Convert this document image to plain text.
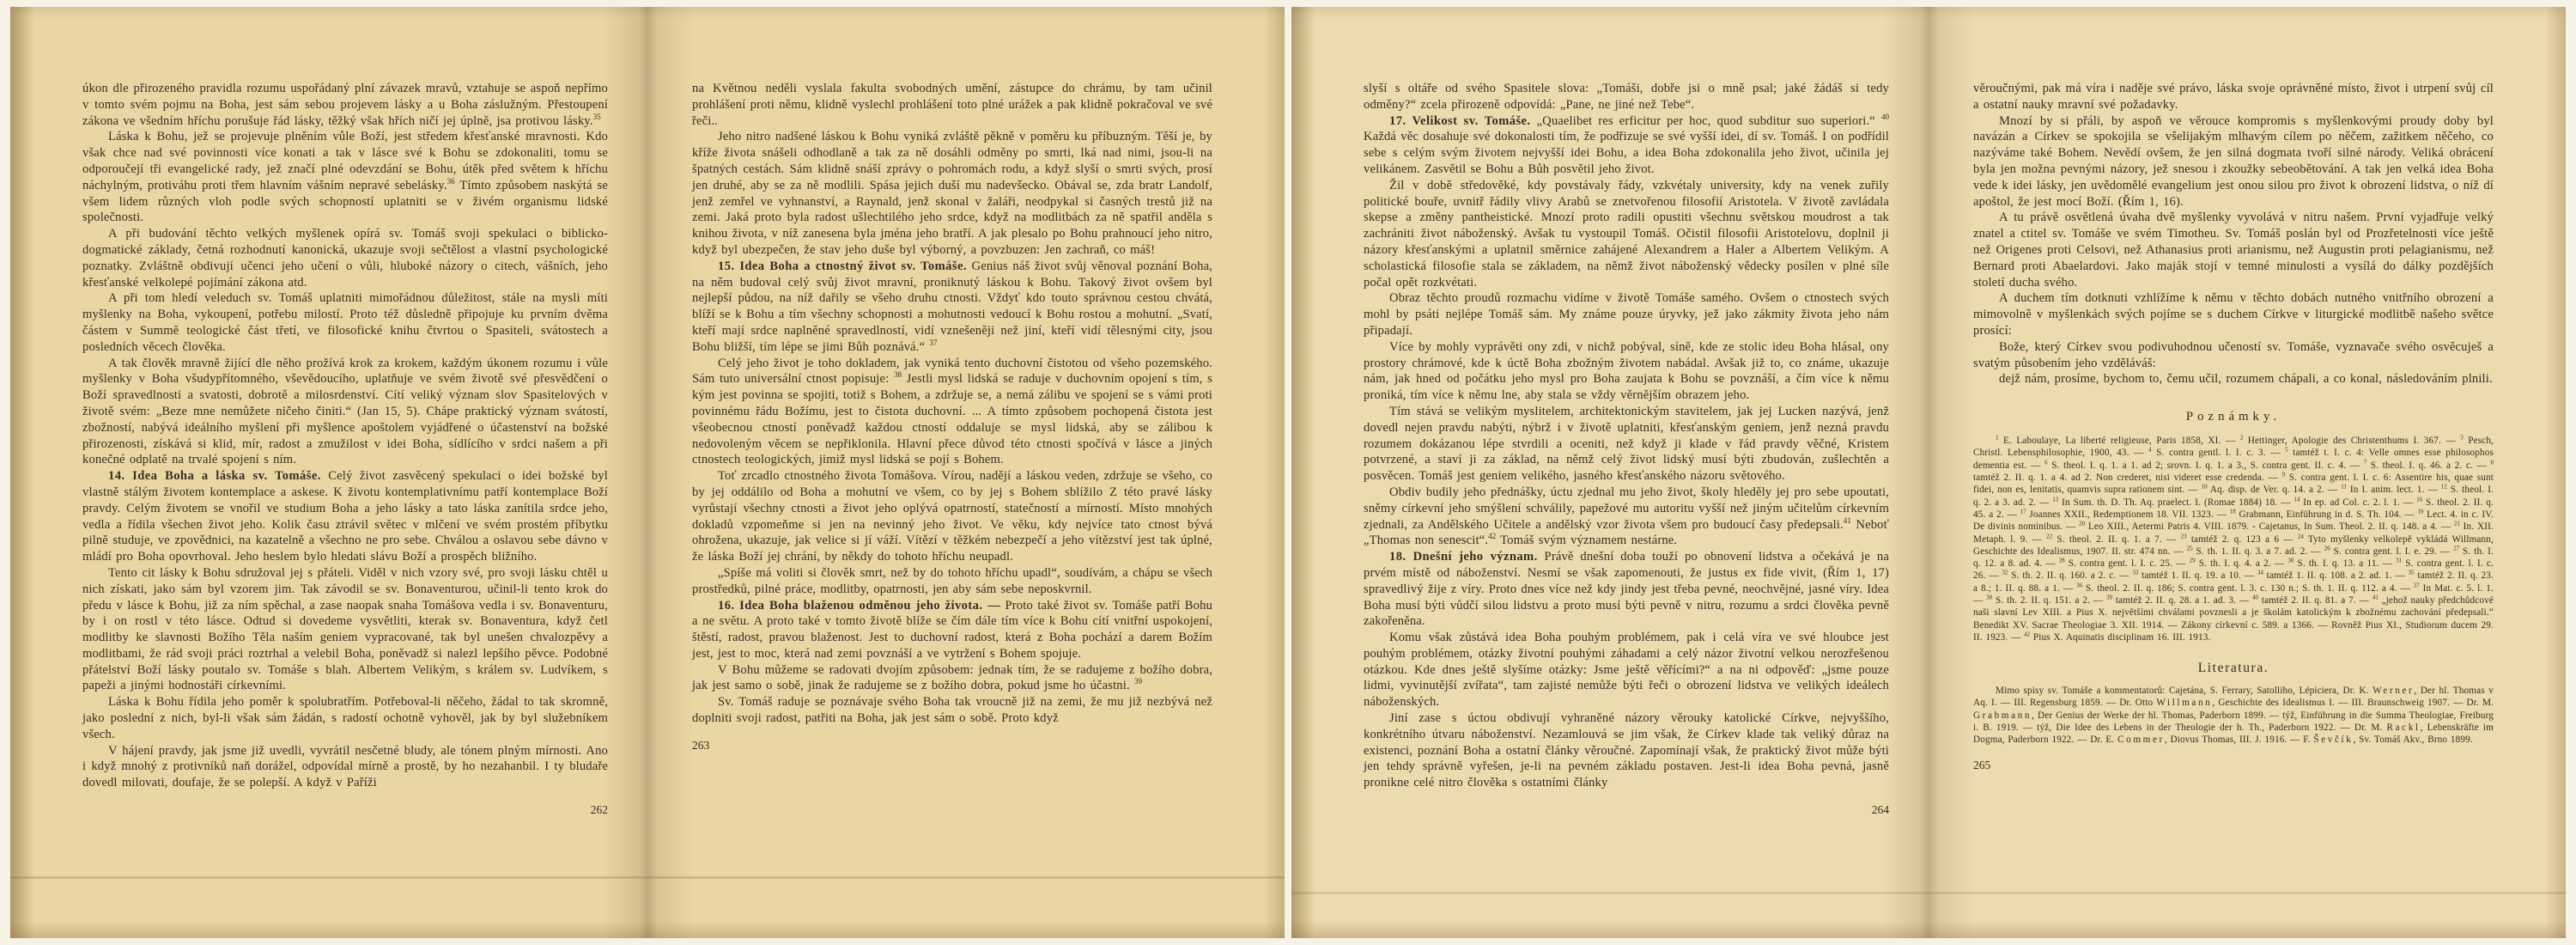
úkon dle přirozeného pravidla rozumu uspořádaný plní závazek mravů, vztahuje se aspoň nepřímo v tomto svém pojmu na Boha, jest sám sebou projevem lásky a u Boha záslužným. Přestoupení zákona ve všedním hříchu porušuje řád lásky, těžký však hřích ničí jej úplně, jsa protivou lásky.$^{35}$

Láska k Bohu, jež se projevuje plněním vůle Boží, jest středem křesťanské mravnosti. Kdo však chce nad své povinnosti více konati a tak v lásce své k Bohu se zdokonaliti, tomu se odporoučejí tři evangelické rady, jež značí plné odevzdání se Bohu, útěk před světem k hříchu náchylným, protiváhu proti třem hlavním vášním nepravé sebelásky.$^{36}$ Tímto způsobem naskýtá se všem lidem různých vloh podle svých schopností uplatniti se v živém organismu lidské společnosti.

A při budování těchto velkých myšlenek opírá sv. Tomáš svoji spekulaci o biblicko-dogmatické základy, četná rozhodnutí kanonická, ukazuje svoji sečtělost a vlastní psychologické poznatky. Zvláštně obdivují učenci jeho učení o vůli, hluboké názory o citech, vášních, jeho křesťanské velkolepé pojímání zákona atd.

A při tom hledí veleduch sv. Tomáš uplatniti mimořádnou důležitost, stále na mysli míti myšlenky na Boha, vykoupení, potřebu milostí. Proto též důsledně připojuje ku prvním dvěma částem v Summě teologické část třetí, ve filosofické knihu čtvrtou o Spasiteli, svátostech a posledních věcech člověka.

A tak člověk mravně žijící dle něho prožívá krok za krokem, každým úkonem rozumu i vůle myšlenky v Boha všudypřítomného, vševědoucího, uplatňuje ve svém životě své přesvědčení o Boží spravedlnosti a svatosti, dobrotě a milosrdenství. Cítí veliký význam slov Spasitelových v životě svém: „Beze mne nemůžete ničeho činiti.“ (Jan 15, 5). Chápe praktický význam svátostí, zbožností, nabývá ideálního myšlení při myšlence apoštolem vyjádřené o účastenství na božské přirozenosti, získává si klid, mír, radost a zmužilost v idei Boha, sídlícího v srdci našem a při konečné odplatě na trvalé spojení s ním.

14. Idea Boha a láska sv. Tomáše. Celý život zasvěcený spekulaci o idei božské byl vlastně stálým životem kontemplace a askese. K životu kontemplativnímu patří kontemplace Boží pravdy. Celým životem se vnořil ve studium Boha a jeho lásky a tato láska zanítila srdce jeho, vedla a řídila všechen život jeho. Kolik času ztrávil světec v mlčení ve svém prostém příbytku pilně studuje, ve zpovědnici, na kazatelně a všechno ne pro sebe. Chválou a oslavou sebe dávno v mládí pro Boha opovrhoval. Jeho heslem bylo hledati slávu Boží a prospěch bližního.

Tento cit lásky k Bohu sdružoval jej s přáteli. Viděl v nich vzory své, pro svoji lásku chtěl u nich získati, jako sám byl vzorem jim. Tak závodil se sv. Bonaventurou, učinil-li tento krok do předu v lásce k Bohu, již za ním spěchal, a zase naopak snaha Tomášova vedla i sv. Bonaventuru, by i on rostl v této lásce. Odtud si dovedeme vysvětliti, kterak sv. Bonaventura, když četl modlitby ke slavnosti Božího Těla naším geniem vypracované, tak byl unešen chvalozpěvy a modlitbami, že rád svoji práci roztrhal a velebil Boha, poněvadž si nalezl lepšího pěvce. Podobné přátelství Boží lásky poutalo sv. Tomáše s blah. Albertem Velikým, s králem sv. Ludvíkem, s papeži a jinými hodnostáři církevními.

Láska k Bohu řídila jeho poměr k spolubratřím. Potřeboval-li něčeho, žádal to tak skromně, jako poslední z nich, byl-li však sám žádán, s radostí ochotně vyhověl, jak by byl služebníkem všech.

V hájení pravdy, jak jsme již uvedli, vyvrátil nesčetné bludy, ale tónem plným mírnosti. Ano i když mnohý z protivníků naň dorážel, odpovídal mírně a prostě, by ho nezahanbil. I ty bludaře dovedl milovati, doufaje, že se polepší. A když v Paříži

262

na Květnou neděli vyslala fakulta svobodných umění, zástupce do chrámu, by tam učinil prohlášení proti němu, klidně vyslechl prohlášení toto plné urážek a pak klidně pokračoval ve své řeči..

Jeho nitro nadšené láskou k Bohu vyniká zvláště pěkně v poměru ku příbuzným. Těší je, by kříže života snášeli odhodlaně a tak za ně dosáhli odměny po smrti, lká nad nimi, jsou-li na špatných cestách. Sám klidně snáší zprávy o pohromách rodu, a když slyší o smrti svých, prosí jen druhé, aby se za ně modlili. Spása jejich duší mu nadevšecko. Obával se, zda bratr Landolf, jenž zemřel ve vyhnanství, a Raynald, jenž skonal v žaláři, neodpykal si časných trestů již na zemi. Jaká proto byla radost ušlechtilého jeho srdce, když na modlitbách za ně spatřil anděla s knihou života, v níž zanesena byla jména jeho bratří. A jak plesalo po Bohu prahnoucí jeho nitro, když byl ubezpečen, že stav jeho duše byl výborný, a povzbuzen: Jen zachraň, co máš!

15. Idea Boha a ctnostný život sv. Tomáše. Genius náš život svůj věnoval poznání Boha, na něm budoval celý svůj život mravní, proniknutý láskou k Bohu. Takový život ovšem byl nejlepší půdou, na níž dařily se všeho druhu ctnosti. Vždyť kdo touto správnou cestou chvátá, blíží se k Bohu a tím všechny schopnosti a mohutnosti vedoucí k Bohu rostou a mohutní. „Svatí, kteří mají srdce naplněné spravedlností, vidí vznešeněji než jiní, kteří vidí tělesnými city, jsou Bohu bližší, tím lépe se jimi Bůh poznává.“ $^{37}$

Celý jeho život je toho dokladem, jak vyniká tento duchovní čistotou od všeho pozemského. Sám tuto universální ctnost popisuje: $^{38}$ Jestli mysl lidská se raduje v duchovním opojení s tím, s kým jest povinna se spojiti, totiž s Bohem, a zdržuje se, a nemá zálibu ve spojení se s vámi proti povinnému řádu Božímu, jest to čistota duchovní. ... A tímto způsobem pochopená čistota jest všeobecnou ctností poněvadž každou ctností oddaluje se mysl lidská, aby se zálibou k nedovoleným věcem se nepřiklonila. Hlavní přece důvod této ctnosti spočívá v lásce a jiných ctnostech teologických, jimiž mysl lidská se pojí s Bohem.

Toť zrcadlo ctnostného života Tomášova. Vírou, nadějí a láskou veden, zdržuje se všeho, co by jej oddálilo od Boha a mohutní ve všem, co by jej s Bohem sblížilo Z této pravé lásky vyrůstají všechny ctnosti a život jeho oplývá opatrností, statečností a mírností. Místo mnohých dokladů vzpomeňme si jen na nevinný jeho život. Ve věku, kdy nejvíce tato ctnost bývá ohrožena, ukazuje, jak velice si jí váží. Vítězí v těžkém nebezpečí a jeho vítězství jest tak úplné, že láska Boží jej chrání, by někdy do tohoto hříchu neupadl.

„Spíše má voliti si člověk smrt, než by do tohoto hříchu upadl“, soudívám, a chápu se všech prostředků, pilné práce, modlitby, opatrnosti, jen aby sám sebe neposkvrnil.

16. Idea Boha blaženou odměnou jeho života. — Proto také život sv. Tomáše patří Bohu a ne světu. A proto také v tomto životě blíže se čím dále tím více k Bohu cítí vnitřní uspokojení, štěstí, radost, pravou blaženost. Jest to duchovní radost, která z Boha pochází a darem Božím jest, jest to moc, která nad zemi povznáší a ve vytržení s Bohem spojuje.

V Bohu můžeme se radovati dvojím způsobem: jednak tím, že se radujeme z božího dobra, jak jest samo o sobě, jinak že radujeme se z božího dobra, pokud jsme ho účastni. $^{39}$

Sv. Tomáš raduje se poznávaje svého Boha tak vroucně již na zemi, že mu již nezbývá než doplniti svoji radost, patřiti na Boha, jak jest sám o sobě. Proto když

263

slyší s oltáře od svého Spasitele slova: „Tomáši, dobře jsi o mně psal; jaké žádáš si tedy odměny?“ zcela přirozeně odpovídá: „Pane, ne jiné než Tebe“.

17. Velikost sv. Tomáše. „Quaelibet res erficitur per hoc, quod subditur suo superiori.“ $^{40}$ Každá věc dosahuje své dokonalosti tím, že podřizuje se své vyšší idei, dí sv. Tomáš. I on podřídil sebe s celým svým životem nejvyšší idei Bohu, a idea Boha zdokonalila jeho život, učinila jej velikánem. Zasvětil se Bohu a Bůh posvětil jeho život.

Žil v době středověké, kdy povstávaly řády, vzkvétaly university, kdy na venek zuřily politické bouře, uvnitř řádily vlivy Arabů se znetvořenou filosofií Aristotela. V životě zavládala skepse a změny pantheistické. Mnozí proto radili opustiti všechnu světskou moudrost a tak zachrániti život náboženský. Avšak tu vystoupil Tomáš. Očistil filosofii Aristotelovu, doplnil ji názory křesťanskými a uplatnil směrnice zahájené Alexandrem a Haler a Albertem Velikým. A scholastická filosofie stala se základem, na němž život náboženský vědecky posílen v plné síle počal opět rozkvétati.

Obraz těchto proudů rozmachu vidíme v životě Tomáše samého. Ovšem o ctnostech svých mohl by psáti nejlépe Tomáš sám. My známe pouze úryvky, jež jako zákmity života jeho nám připadají.

Více by mohly vyprávěti ony zdi, v nichž pobýval, síně, kde ze stolic ideu Boha hlásal, ony prostory chrámové, kde k úctě Boha zbožným životem nabádal. Avšak již to, co známe, ukazuje nám, jak hned od počátku jeho mysl pro Boha zaujata k Bohu se povznáší, a čím více k němu proniká, tím více k němu lne, aby stala se vždy věrnějším obrazem jeho.

Tím stává se velikým myslitelem, architektonickým stavitelem, jak jej Lucken nazývá, jenž dovedl nejen pravdu nabýti, nýbrž i v životě uplatniti, křesťanským geniem, jenž nezná pravdu rozumem dokázanou lépe stvrdili a oceniti, než když ji klade v řád pravdy věčné, Kristem potvrzené, a staví ji za základ, na němž celý život lidský musí býti zbudován, zušlechtěn a posvěcen. Tomáš jest geniem velikého, jasného křesťanského názoru světového.

Obdiv budily jeho přednášky, úctu zjednal mu jeho život, školy hleděly jej pro sebe upoutati, sněmy církevní jeho smýšlení schválily, papežové mu autoritu vyšší než jiným učitelům církevním zjednali, za Andělského Učitele a andělský vzor života všem pro budoucí časy předepsali.$^{41}$ Neboť „Thomas non senescit“.$^{42}$ Tomáš svým významem nestárne.

18. Dnešní jeho význam. Právě dnešní doba touží po obnovení lidstva a očekává je na prvém místě od náboženství. Nesmí se však zapomenouti, že justus ex fide vivit, (Řím 1, 17) spravedlivý žije z víry. Proto dnes více než kdy jindy jest třeba pevné, neochvějné, jasné víry. Idea Boha musí býti vůdčí silou lidstvu a proto musí býti pevně v nitru, rozumu a srdci člověka pevně zakořeněna.

Komu však zůstává idea Boha pouhým problémem, pak i celá víra ve své hloubce jest pouhým problémem, otázky životní pouhými záhadami a celý názor životní velkou nerozřešenou otázkou. Kde dnes ještě slyšíme otázky: Jsme ještě věřícími?“ a na ni odpověď: „jsme pouze lidmi, vyvinutější zvířata“, tam zajisté nemůže býti řeči o obrození lidstva ve velikých ideálech náboženských.

Jiní zase s úctou obdivují vyhraněné názory věrouky katolické Církve, nejvyššího, konkrétního útvaru náboženství. Nezamlouvá se jim však, že Církev klade tak veliký důraz na existenci, poznání Boha a ostatní články věroučné. Zapomínají však, že praktický život může býti jen tehdy správně vyřešen, je-li na pevném základu postaven. Jest-li idea Boha pevná, jasně pronikne celé nitro člověka s ostatními články

264

věroučnými, pak má víra i naděje své právo, láska svoje oprávněné místo, život i utrpení svůj cíl a ostatní nauky mravní své požadavky.

Mnozí by si přáli, by aspoň ve věrouce kompromis s myšlenkovými proudy doby byl navázán a Církev se spokojila se všelijakým mlhavým cílem po něčem, zažitkem něčeho, co nazýváme také Bohem. Nevědí ovšem, že jen silná dogmata tvoří silné národy. Veliká obrácení byla jen možna pevnými názory, jež snesou i zkoužky sebeobětování. A tak jen velká idea Boha vede k idei lásky, jen uvědomělé evangelium jest onou silou pro život k obrození lidstva, o níž dí apoštol, že jest mocí Boží. (Řím 1, 16).

A tu právě osvětlená úvaha dvě myšlenky vyvolává v nitru našem. První vyjadřuje velký znatel a ctitel sv. Tomáše ve svém Timotheu. Sv. Tomáš poslán byl od Prozřetelnosti více ještě než Origenes proti Celsovi, než Athanasius proti arianismu, než Augustin proti pelagianismu, než Bernard proti Abaelardovi. Jako maják stojí v temné minulosti a vysílá do dálky pozdějších století ducha svého.

A duchem tím dotknuti vzhlížíme k němu v těchto dobách nutného vnitřního obrození a mimovolně v myšlenkách svých pojíme se s duchem Církve v liturgické modlitbě našeho světce prosící:

Bože, který Církev svou podivuhodnou učeností sv. Tomáše, vyznavače svého osvěcuješ a svatým působením jeho vzděláváš:

dejž nám, prosíme, bychom to, čemu učil, rozumem chápali, a co konal, následováním plnili.

Poznámky.

$^1$ E. Laboulaye, La liberté religieuse, Paris 1858, XI. — $^2$ Hettinger, Apologie des Christenthums I. 367. — $^3$ Pesch, Christl. Lebensphilosophie, 1900, 43. — $^4$ S. contra gentl. l. I. c. 3. — $^5$ tamtéž t. I. c. 4: Velle omnes esse philosophos dementia est. — $^6$ S. theol. I. q. 1. a 1. ad 2; srovn. I. q. 1. a 3., S. contra gent. II. c. 4. — $^7$ S. theol. I. q. 46. a 2. c. — $^8$ tamtéž 2. II. q. 1. a 4. ad 2. Non crederet, nisi videret esse credenda. — $^9$ S. contra gent. l. I. c. 6: Assentire his, quae sunt fidei, non es, lenitatis, quamvis supra rationem sint. — $^{10}$ Aq. disp. de Ver. q. 14. a 2. — $^{11}$ In I. anim. lect. 1. — $^{12}$ S. theol. I. q. 2. a 3. ad. 2. — $^{13}$ In Sum. th. D. Th. Aq. praelect. I. (Romae 1884) 18. — $^{14}$ In ep. ad Col. c. 2. l. 1. — $^{16}$ S. theol. 2. II. q. 45. a 2. — $^{17}$ Joannes XXII., Redemptionem 18. VII. 1323. — $^{18}$ Grabmann, Einführung in d. S. Th. 104. — $^{19}$ Lect. 4. in c. IV. De divinis nominibus. — $^{20}$ Leo XIII., Aetermi Patris 4. VIII. 1879. - Cajetanus, In Sum. Theol. 2. II. q. 148. a 4. — $^{21}$ In. XII. Metaph. l. 9. — $^{22}$ S. theol. 2. II. q. 1. a 7. — $^{23}$ tamtéž 2. q. 123 a 6 — $^{24}$ Tyto myšlenky velkolepě vykládá Willmann, Geschichte des Idealismus, 1907. II. str. 474 nn. — $^{25}$ S. th. 1. II. q. 3. a 7. ad. 2. — $^{26}$ S. contra gent. l. I. e. 29. — $^{27}$ S. th. I. q. 12. a 8. ad. 4. — $^{28}$ S. contra gent. l. I. c. 25. — $^{29}$ S. th. I. q. 4. a 2. — $^{30}$ S. th. I. q. 13. a 11. — $^{31}$ S. contra gent. l. I. c. 26. — $^{32}$ S. th. 2. II. q. 160. a 2. c. — $^{33}$ tamtéž 1. II. q. 19. a 10. — $^{34}$ tamtéž 1. II. q. 108. a 2. ad. 1. — $^{35}$ tamtéž 2. II. q. 23. a 8.; 1. II. q. 88. a 1. — $^{36}$ S. theol. 2. II. q. 186; S. contra gent. l. 3. c. 130 n.; S. th. 1. II. q. 112. a 4. — $^{37}$ In Mat. c. 5. l. 1. — $^{38}$ S. th. 2. II. q. 151. a 2. — $^{39}$ tamtéž 2. II. q. 28. a 1. ad. 3. — $^{40}$ tamtéž 2. II. q. 81. a 7. — $^{41}$ „jehož nauky předchůdcové naši slavní Lev XIII. a Pius X. největšími chválami povznesli a je školám katolickým k zbožnému zachování předepsali.“ Benedikt XV. Sacrae Theologiae 3. XII. 1914. — Zákony církevní c. 589. a 1366. — Rovněž Pius XI., Studiorum ducem 29. II. 1923. — $^{42}$ Pius X. Aquinatis disciplinam 16. III. 1913.

Literatura.

Mimo spisy sv. Tomáše a kommentatorů: Cajetána, S. Ferrary, Satolliho, Lépiciera, Dr. K. Werner, Der hl. Thomas v Aq. I. — III. Regensburg 1859. — Dr. Otto Willmann, Geschichte des Idealismus I. — III. Braunschweig 1907. — Dr. M. Grabmann, Der Genius der Werke der hl. Thomas, Paderborn 1899. — týž, Einführung in die Summa Theologiae, Freiburg i. B. 1919. — týž, Die Idee des Lebens in der Theologie der h. Th., Paderborn 1922. — Dr. M. Rackl, Lebenskräfte im Dogma, Paderborn 1922. — Dr. E. Commer, Diovus Thomas, III. J. 1916. — F. Ševčík, Sv. Tomáš Akv., Brno 1899.

265
